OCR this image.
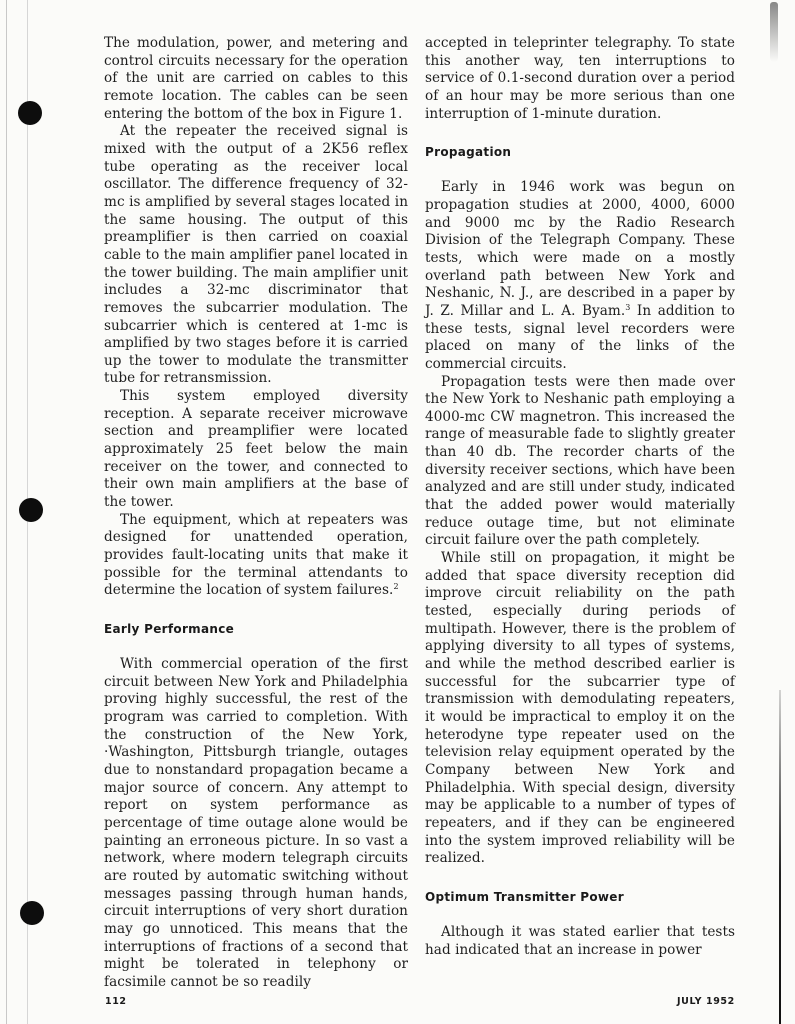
The modulation, power, and metering and control circuits necessary for the operation of the unit are carried on cables to this remote location. The cables can be seen entering the bottom of the box in Figure 1.

At the repeater the received signal is mixed with the output of a 2K56 reflex tube operating as the receiver local oscillator. The difference frequency of 32-mc is amplified by several stages located in the same housing. The output of this preamplifier is then carried on coaxial cable to the main amplifier panel located in the tower building. The main amplifier unit includes a 32-mc discriminator that removes the subcarrier modulation. The subcarrier which is centered at 1-mc is amplified by two stages before it is carried up the tower to modulate the transmitter tube for retransmission.

This system employed diversity reception. A separate receiver microwave section and preamplifier were located approximately 25 feet below the main receiver on the tower, and connected to their own main amplifiers at the base of the tower.

The equipment, which at repeaters was designed for unattended operation, provides fault-locating units that make it possible for the terminal attendants to determine the location of system failures.$^2$

Early Performance

With commercial operation of the first circuit between New York and Philadelphia proving highly successful, the rest of the program was carried to completion. With the construction of the New York, ·Washington, Pittsburgh triangle, outages due to nonstandard propagation became a major source of concern. Any attempt to report on system performance as percentage of time outage alone would be painting an erroneous picture. In so vast a network, where modern telegraph circuits are routed by automatic switching without messages passing through human hands, circuit interruptions of very short duration may go unnoticed. This means that the interruptions of fractions of a second that might be tolerated in telephony or facsimile cannot be so readily

accepted in teleprinter telegraphy. To state this another way, ten interruptions to service of 0.1-second duration over a period of an hour may be more serious than one interruption of 1-minute duration.

Propagation

Early in 1946 work was begun on propagation studies at 2000, 4000, 6000 and 9000 mc by the Radio Research Division of the Telegraph Company. These tests, which were made on a mostly overland path between New York and Neshanic, N. J., are described in a paper by J. Z. Millar and L. A. Byam.$^3$ In addition to these tests, signal level recorders were placed on many of the links of the commercial circuits.

Propagation tests were then made over the New York to Neshanic path employing a 4000-mc CW magnetron. This increased the range of measurable fade to slightly greater than 40 db. The recorder charts of the diversity receiver sections, which have been analyzed and are still under study, indicated that the added power would materially reduce outage time, but not eliminate circuit failure over the path completely.

While still on propagation, it might be added that space diversity reception did improve circuit reliability on the path tested, especially during periods of multipath. However, there is the problem of applying diversity to all types of systems, and while the method described earlier is successful for the subcarrier type of transmission with demodulating repeaters, it would be impractical to employ it on the heterodyne type repeater used on the television relay equipment operated by the Company between New York and Philadelphia. With special design, diversity may be applicable to a number of types of repeaters, and if they can be engineered into the system improved reliability will be realized.

Optimum Transmitter Power

Although it was stated earlier that tests had indicated that an increase in power

112	JULY 1952
